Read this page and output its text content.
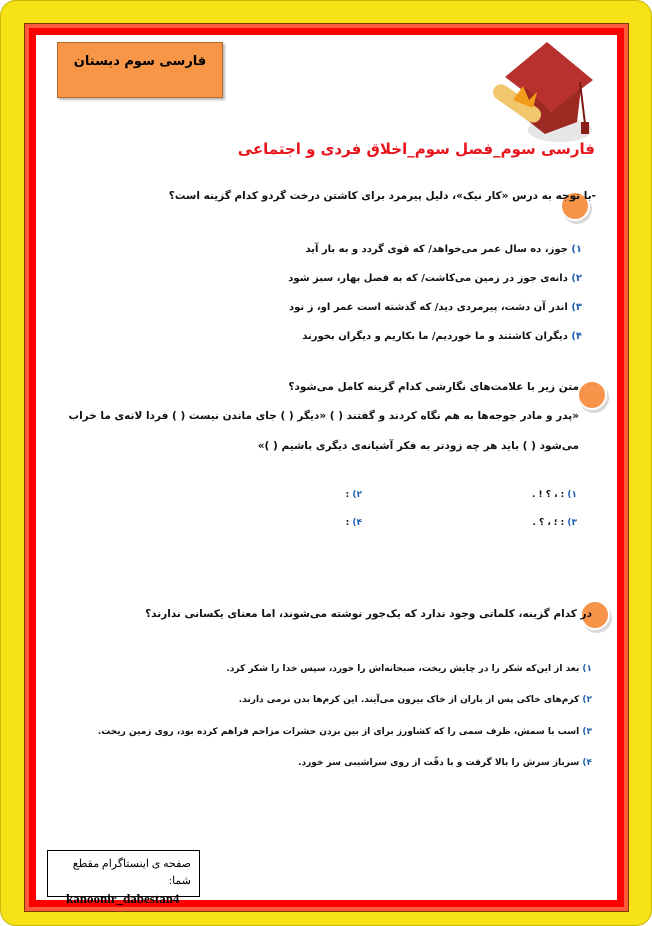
فارسی سوم دبستان
فارسی سوم_فصل سوم_اخلاق فردی و اجتماعی
-با توجه به درس «کار نیک»، دلیل پیرمرد برای کاشتن درخت گردو کدام گزینه است؟
۱) جوز، ده سال عمر می‌خواهد/ که قوی گردد و به بار آید
۲) دانه‌ی جوز در زمین می‌کاشت/ که به فصل بهار، سبز شود
۳) اندر آن دشت، پیرمردی دید/ که گذشته است عمر او، ز نود
۴) دیگران کاشتند و ما خوردیم/ ما بکاریم و دیگران بخورند
متن زیر با علامت‌های نگارشی کدام گزینه کامل می‌شود؟
«پدر و مادر جوجه‌ها به هم نگاه کردند و گفتند ( ) «دیگر ( ) جای ماندن نیست ( ) فردا لانه‌ی ما خراب
می‌شود ( ) باید هر چه زودتر به فکر آشیانه‌ی دیگری باشیم ( )»
۱) : ، ؟ ! .
۲) :
۳) : ؛ ، ؟ .
۴) :
در کدام گزینه، کلماتی وجود ندارد که یک‌جور نوشته می‌شوند، اما معنای یکسانی ندارند؟
۱) بعد از این‌که شکر را در چایش ریخت، صبحانه‌اش را خورد، سپس خدا را شکر کرد.
۲) کرم‌های خاکی پس از باران از خاک بیرون می‌آیند. این کرم‌ها بدن نرمی دارند.
۳) اسب با سمش، ظرف سمی را که کشاورز برای از بین بردن حشرات مزاحم فراهم کرده بود، روی زمین ریخت.
۴) سرباز سرش را بالا گرفت و با دقّت از روی سراشیبی سر خورد.
صفحه ی اینستاگرام مقطع شما:
kanoonir_dabestan4
